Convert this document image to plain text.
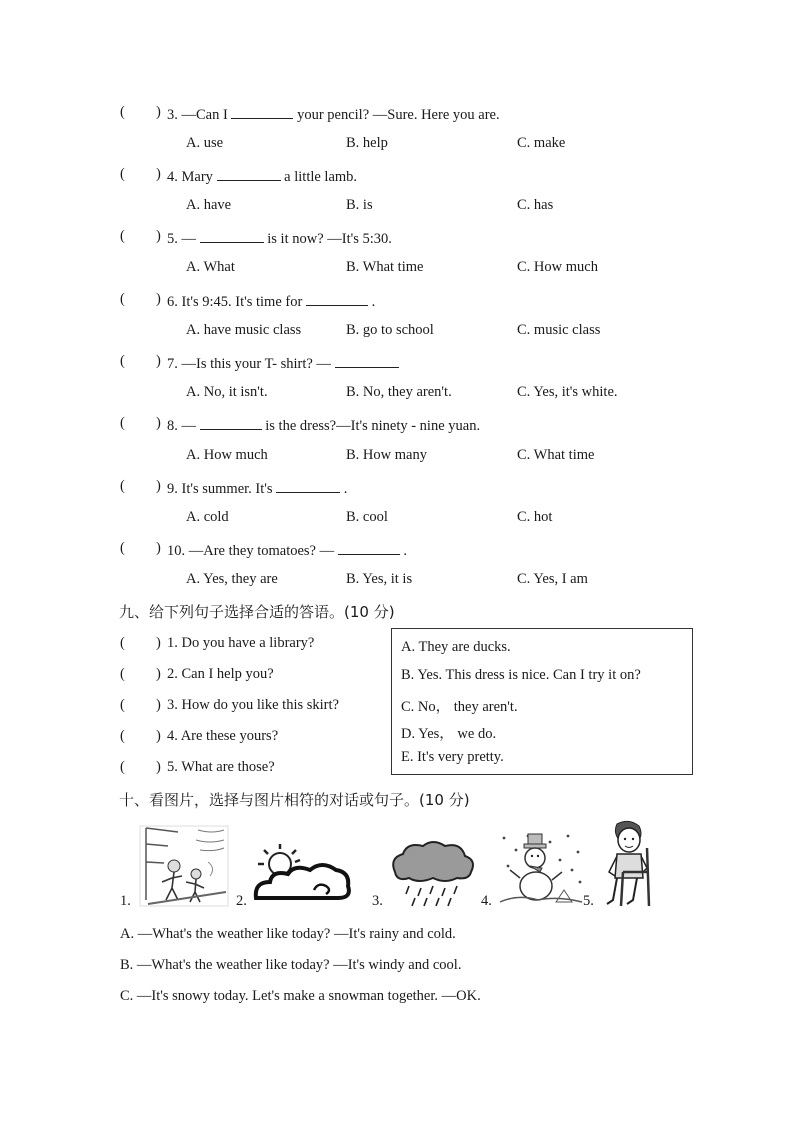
( ) 3. —Can I	your pencil? —Sure. Here you are.
A. use	B. help	C. make
( ) 4. Mary	a little lamb.
A. have	B. is	C. has
( ) 5. —	is it now? —It's 5:30.
A. What	B. What time	C. How much
( ) 6. It's 9:45. It's time for	.
A. have music class	B. go to school	C. music class
( ) 7. —Is this your T- shirt? —
A. No, it isn't.	B. No, they aren't.	C. Yes, it's white.
( ) 8. —	is the dress?—It's ninety - nine yuan.
A. How much	B. How many	C. What time
( ) 9. It's summer. It's	.
A. cold	B. cool	C. hot
( ) 10. —Are they tomatoes? —	.
A. Yes, they are	B. Yes, it is	C. Yes, I am
九、给下列句子选择合适的答语。(10 分)
( ) 1. Do you have a library?
( ) 2. Can I help you?
( ) 3. How do you like this skirt?
( ) 4. Are these yours?
( ) 5. What are those?
A. They are ducks.
B. Yes. This dress is nice. Can I try it on?
C. No， they aren't.
D. Yes， we do.
E. It's very pretty.
十、看图片，选择与图片相符的对话或句子。(10 分)
1.	2.	3.	4.	5.
A. —What's the weather like today? —It's rainy and cold.
B. —What's the weather like today? —It's windy and cool.
C. —It's snowy today. Let's make a snowman together. —OK.
